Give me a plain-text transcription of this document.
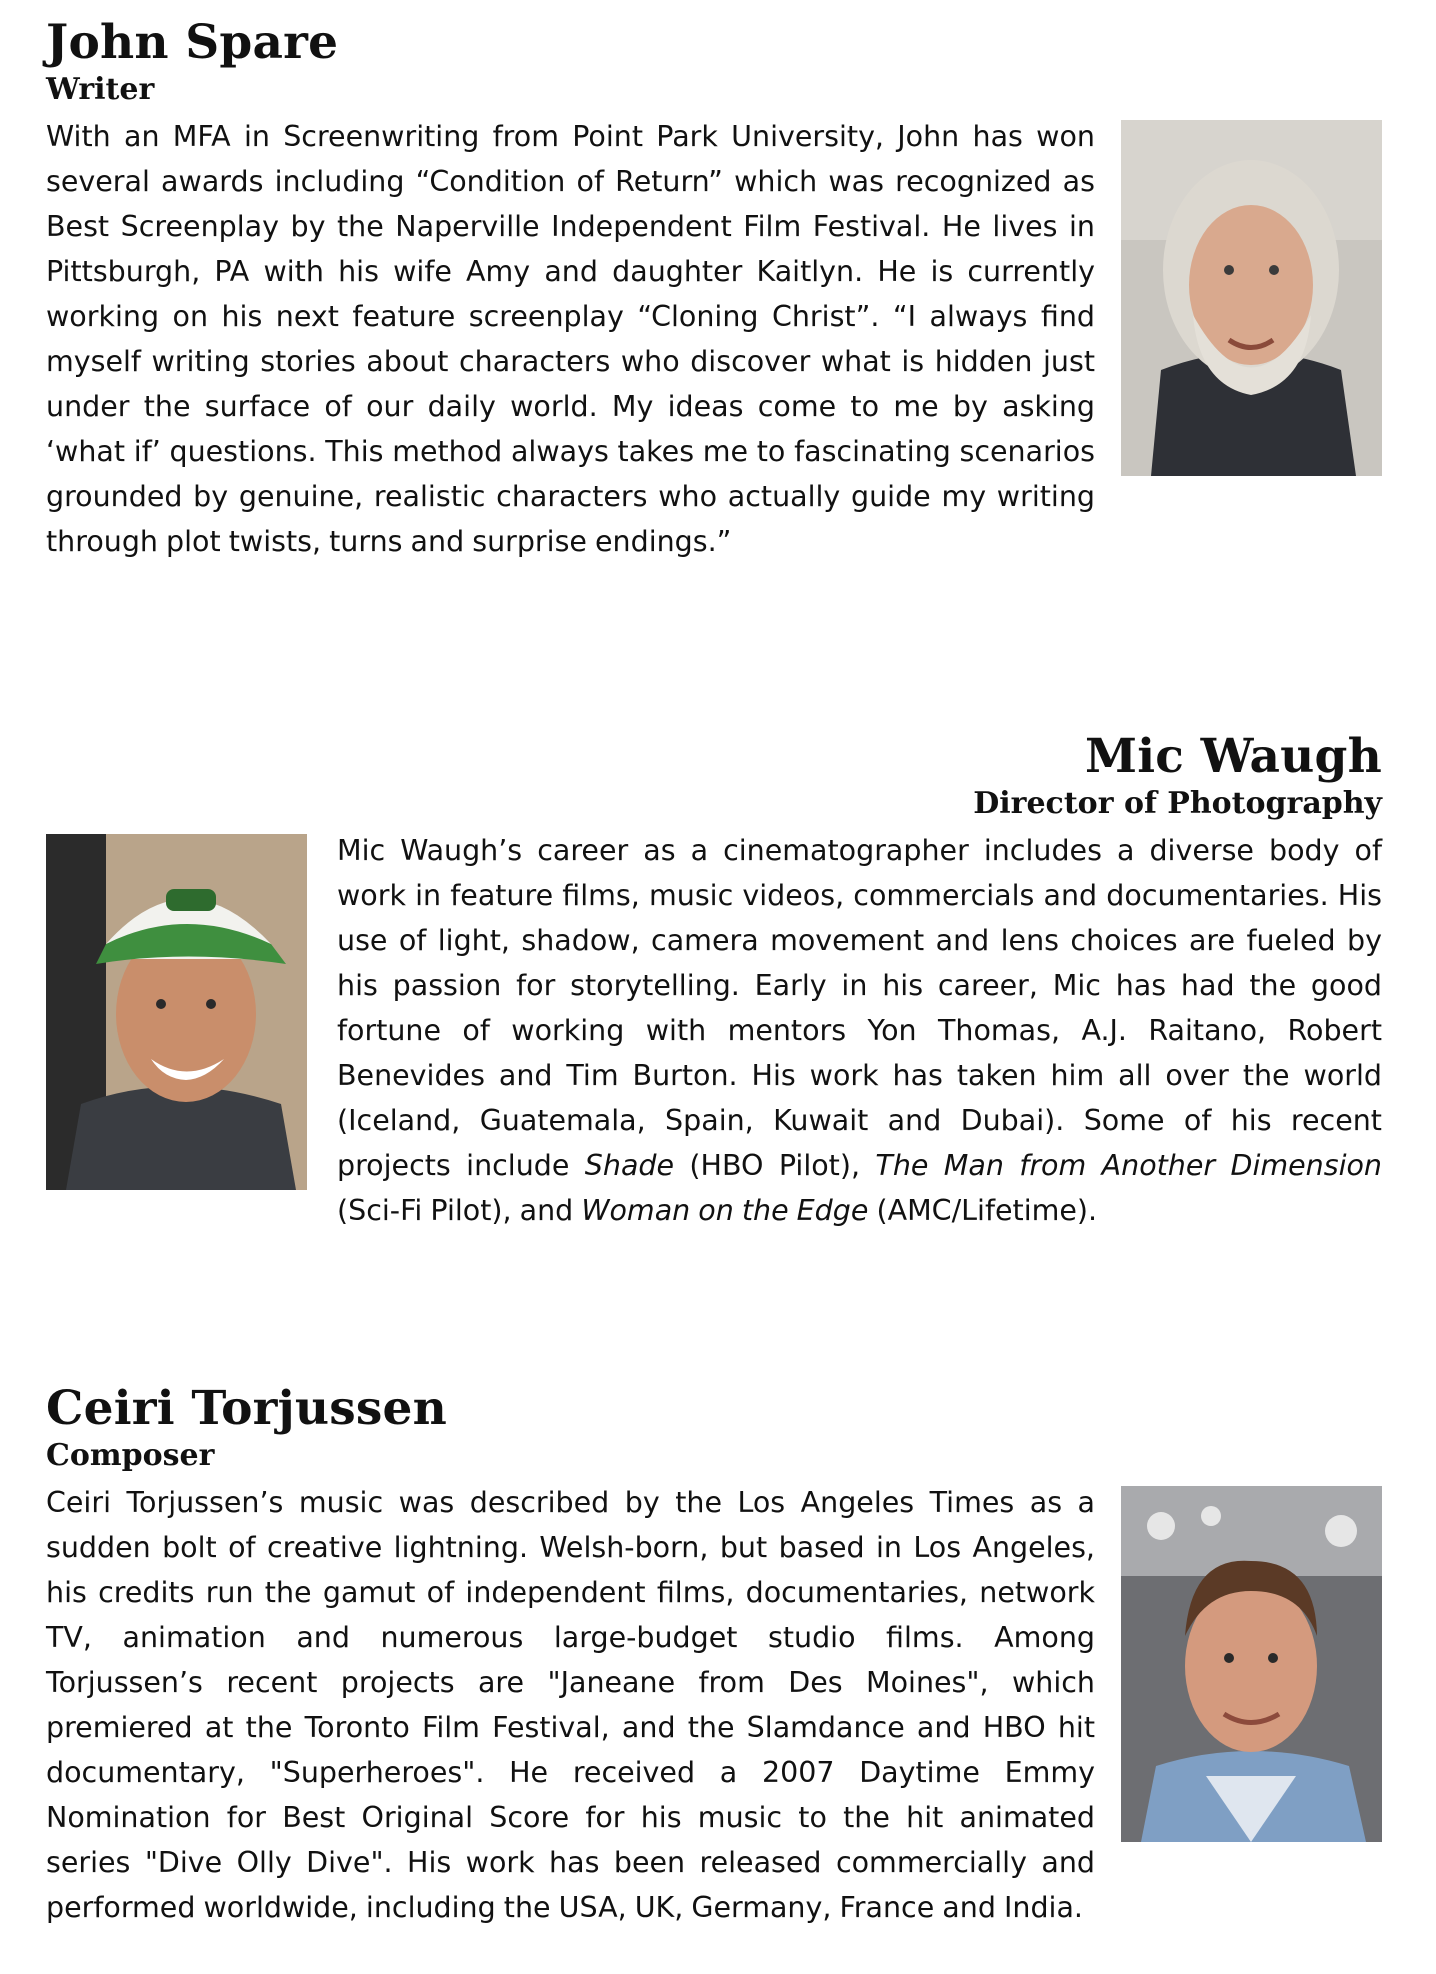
John Spare
Writer

With an MFA in Screenwriting from Point Park University, John has won several awards including “Condition of Return” which was recognized as Best Screenplay by the Naperville Independent Film Festival. He lives in Pittsburgh, PA with his wife Amy and daughter Kaitlyn. He is currently working on his next feature screenplay “Cloning Christ”. “I always find myself writing stories about characters who discover what is hidden just under the surface of our daily world. My ideas come to me by asking ‘what if’ questions. This method always takes me to fascinating scenarios grounded by genuine, realistic characters who actually guide my writing through plot twists, turns and surprise endings.”

Mic Waugh
Director of Photography

Mic Waugh’s career as a cinematographer includes a diverse body of work in feature films, music videos, commercials and documentaries. His use of light, shadow, camera movement and lens choices are fueled by his passion for storytelling. Early in his career, Mic has had the good fortune of working with mentors Yon Thomas, A.J. Raitano, Robert Benevides and Tim Burton. His work has taken him all over the world (Iceland, Guatemala, Spain, Kuwait and Dubai). Some of his recent projects include Shade (HBO Pilot), The Man from Another Dimension (Sci-Fi Pilot), and Woman on the Edge (AMC/Lifetime).

Ceiri Torjussen
Composer

Ceiri Torjussen’s music was described by the Los Angeles Times as a sudden bolt of creative lightning. Welsh-born, but based in Los Angeles, his credits run the gamut of independent films, documentaries, network TV, animation and numerous large-budget studio films. Among Torjussen’s recent projects are "Janeane from Des Moines", which premiered at the Toronto Film Festival, and the Slamdance and HBO hit documentary, "Superheroes". He received a 2007 Daytime Emmy Nomination for Best Original Score for his music to the hit animated series "Dive Olly Dive". His work has been released commercially and performed worldwide, including the USA, UK, Germany, France and India.
